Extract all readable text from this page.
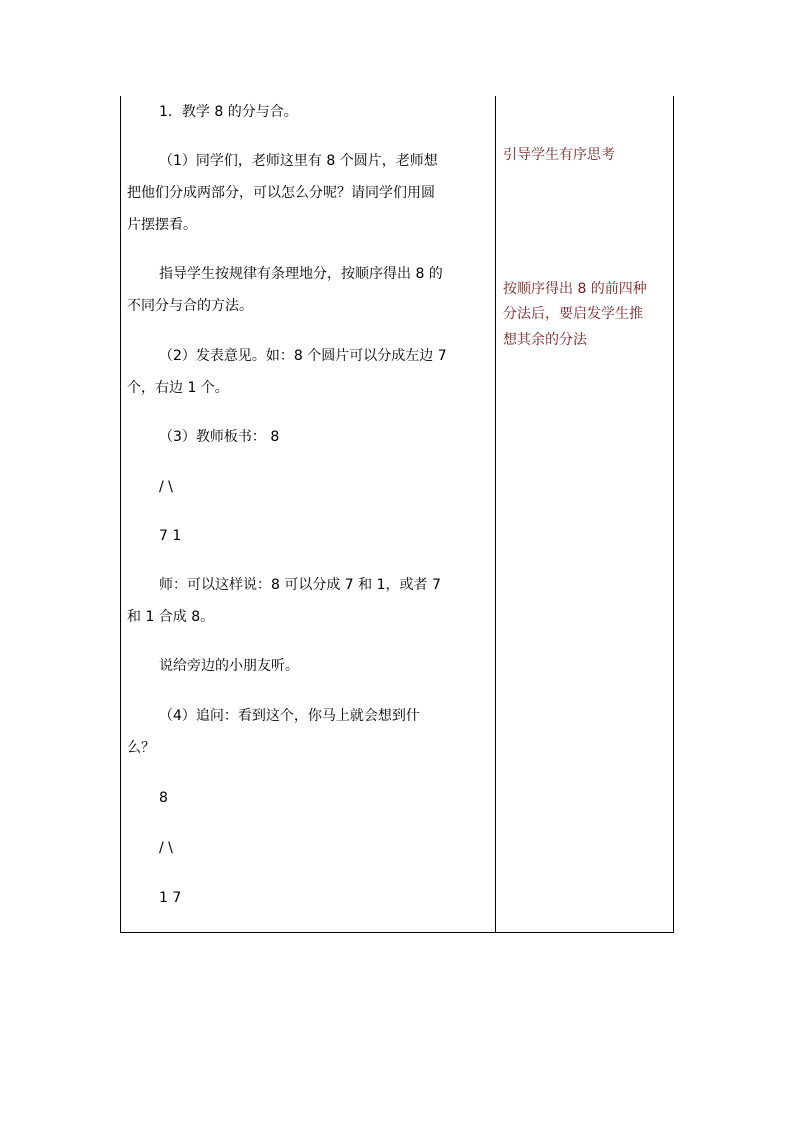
1．教学 8 的分与合。
（1）同学们，老师这里有 8 个圆片，老师想
把他们分成两部分，可以怎么分呢？请同学们用圆
片摆摆看。
指导学生按规律有条理地分，按顺序得出 8 的
不同分与合的方法。
（2）发表意见。如：8 个圆片可以分成左边 7
个，右边 1 个。
（3）教师板书： 8
/ \
7 1
师：可以这样说：8 可以分成 7 和 1，或者 7
和 1 合成 8。
说给旁边的小朋友听。
（4）追问：看到这个，你马上就会想到什
么？
8
/ \
1 7

引导学生有序思考
按顺序得出 8 的前四种
分法后，要启发学生推
想其余的分法
